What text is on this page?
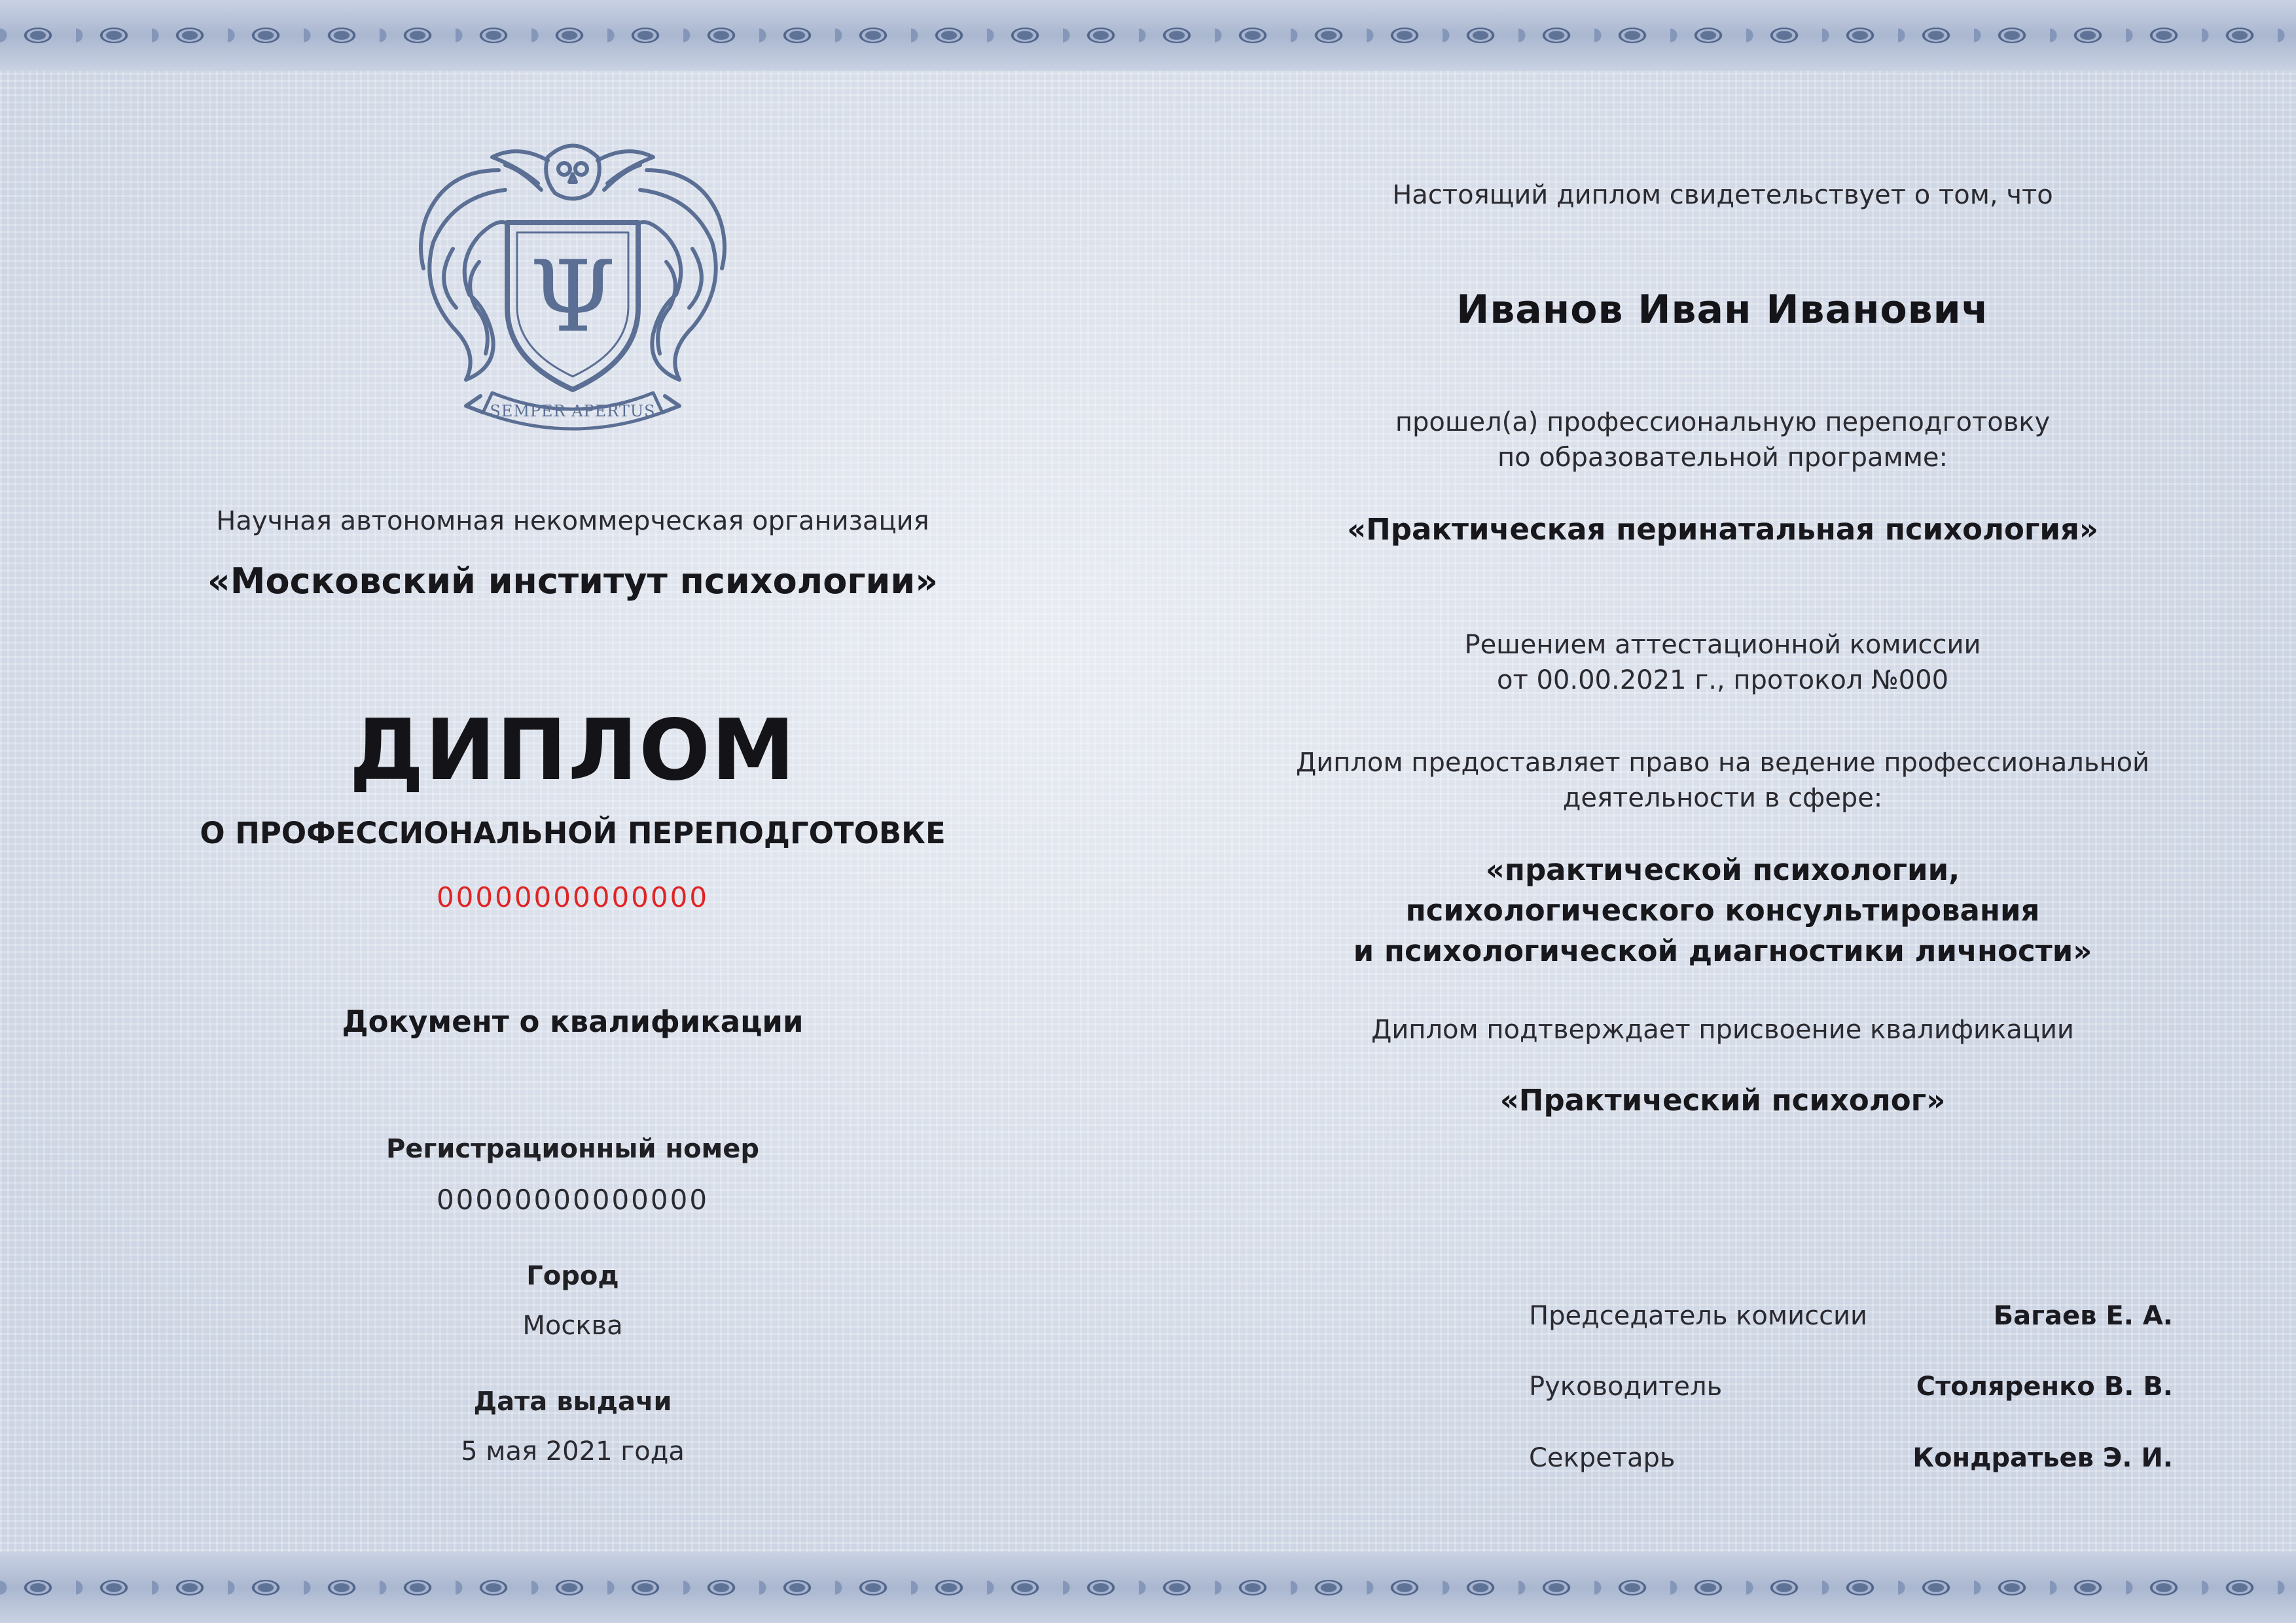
Ψ
SEMPER APERTUS
Научная автономная некоммерческая организация
«Московский институт психологии»
ДИПЛОМ
О ПРОФЕССИОНАЛЬНОЙ ПЕРЕПОДГОТОВКЕ
00000000000000
Документ о квалификации
Регистрационный номер
00000000000000
Город
Москва
Дата выдачи
5 мая 2021 года
Настоящий диплом свидетельствует о том, что
Иванов Иван Иванович
прошел(а) профессиональную переподготовку
по образовательной программе:
«Практическая перинатальная психология»
Решением аттестационной комиссии
от 00.00.2021 г., протокол №000
Диплом предоставляет право на ведение профессиональной
деятельности в сфере:
«практической психологии,
психологического консультирования
и психологической диагностики личности»
Диплом подтверждает присвоение квалификации
«Практический психолог»
Председатель комиссии	Багаев Е. А.
Руководитель	Столяренко В. В.
Секретарь	Кондратьев Э. И.
